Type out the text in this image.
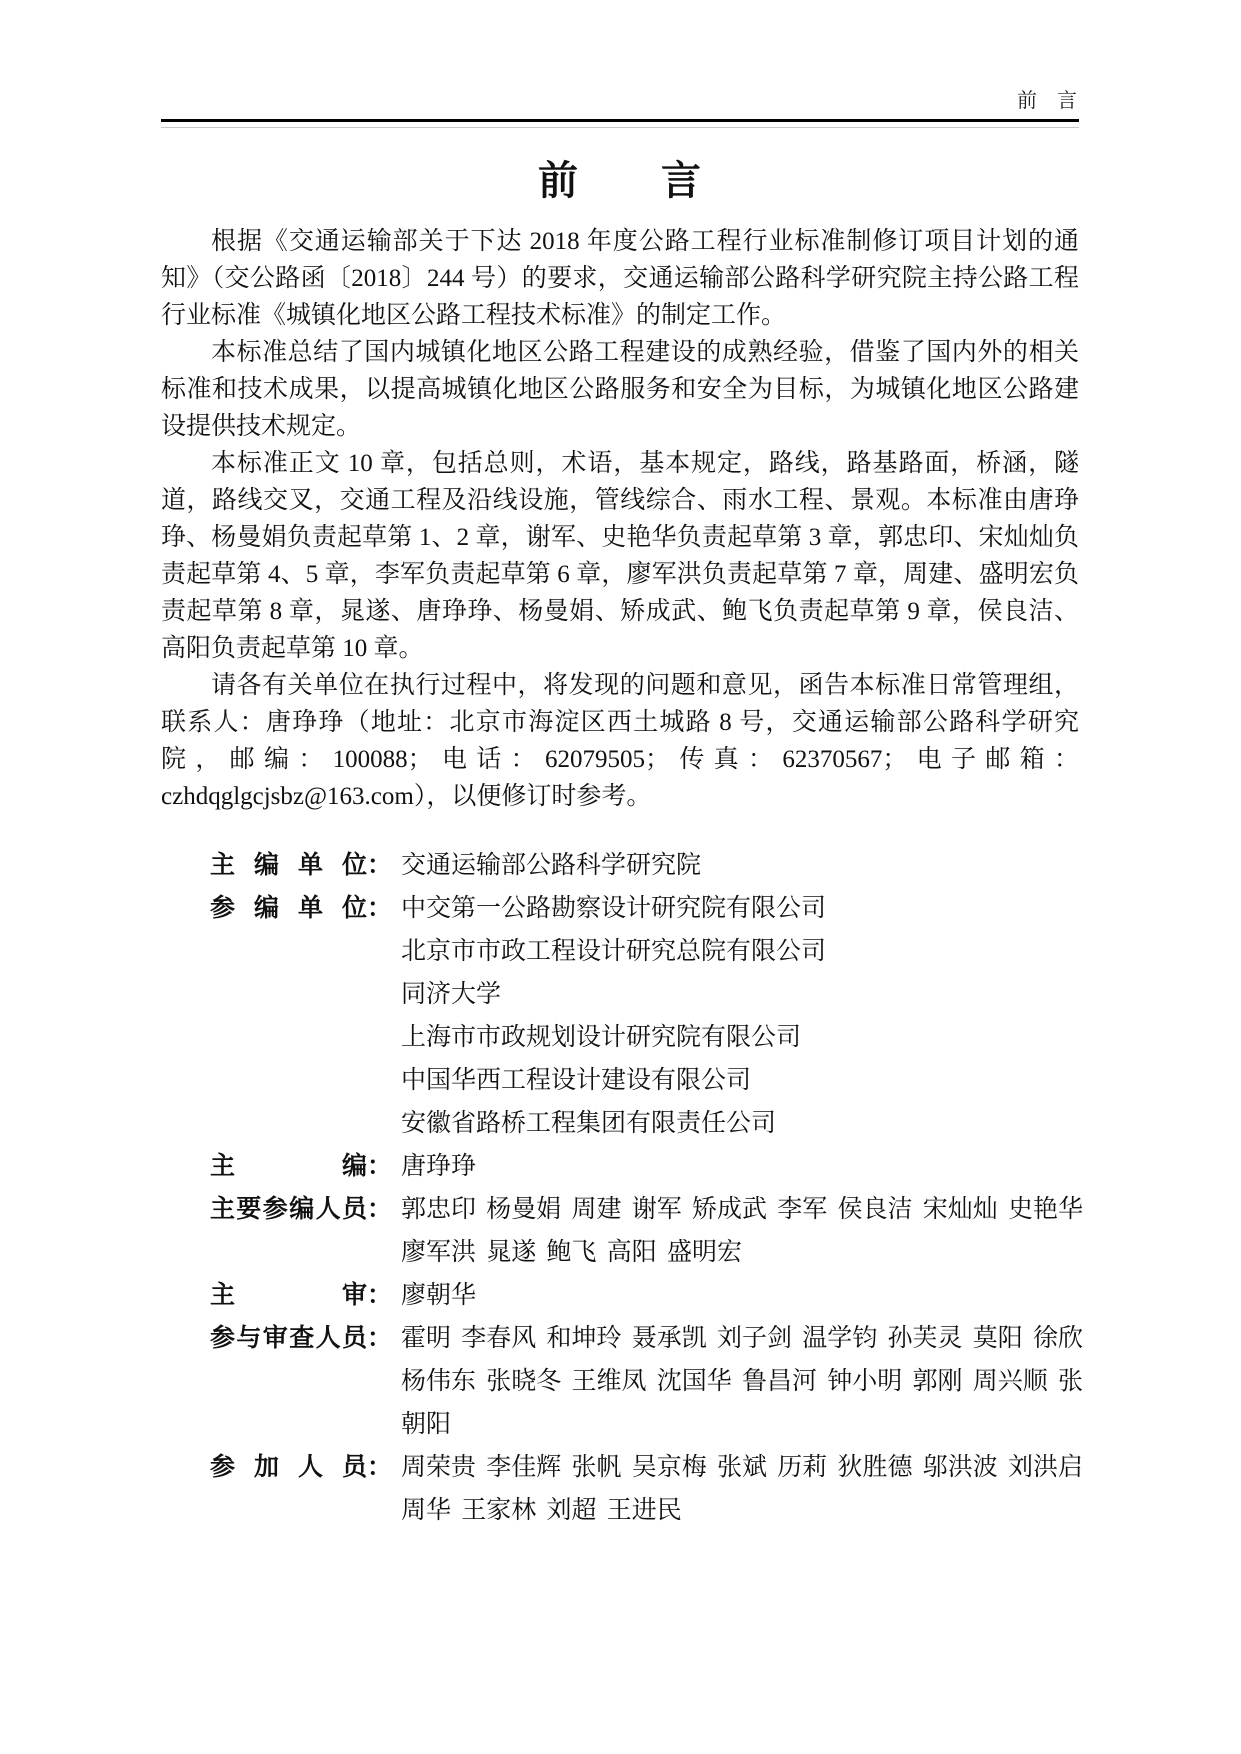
前　言
前　　言

根据《交通运输部关于下达 2018 年度公路工程行业标准制修订项目计划的通知》（交公路函〔2018〕244 号）的要求，交通运输部公路科学研究院主持公路工程行业标准《城镇化地区公路工程技术标准》的制定工作。

本标准总结了国内城镇化地区公路工程建设的成熟经验，借鉴了国内外的相关标准和技术成果，以提高城镇化地区公路服务和安全为目标，为城镇化地区公路建设提供技术规定。

本标准正文 10 章，包括总则，术语，基本规定，路线，路基路面，桥涵，隧道，路线交叉，交通工程及沿线设施，管线综合、雨水工程、景观。本标准由唐琤琤、杨曼娟负责起草第 1、2 章，谢军、史艳华负责起草第 3 章，郭忠印、宋灿灿负责起草第 4、5 章，李军负责起草第 6 章，廖军洪负责起草第 7 章，周建、盛明宏负责起草第 8 章，晁遂、唐琤琤、杨曼娟、矫成武、鲍飞负责起草第 9 章，侯良洁、高阳负责起草第 10 章。

请各有关单位在执行过程中，将发现的问题和意见，函告本标准日常管理组，联系人：唐琤琤（地址：北京市海淀区西土城路 8 号，交通运输部公路科学研究院，邮编：100088；电话：62079505；传真：62370567；电子邮箱：czhdqglgcjsbz@163.com），以便修订时参考。

主编单位 ： 交通运输部公路科学研究院
参编单位 ： 中交第一公路勘察设计研究院有限公司
北京市市政工程设计研究总院有限公司
同济大学
上海市市政规划设计研究院有限公司
中国华西工程设计建设有限公司
安徽省路桥工程集团有限责任公司
主编 ： 唐琤琤
主要参编人员 ： 郭忠印 杨曼娟 周建 谢军 矫成武 李军 侯良洁 宋灿灿 史艳华
廖军洪 晁遂 鲍飞 高阳 盛明宏
主审 ： 廖朝华
参与审查人员 ： 霍明 李春风 和坤玲 聂承凯 刘子剑 温学钧 孙芙灵 莫阳 徐欣
杨伟东 张晓冬 王维凤 沈国华 鲁昌河 钟小明 郭刚 周兴顺 张
朝阳
参加人员 ： 周荣贵 李佳辉 张帆 吴京梅 张斌 历莉 狄胜德 邬洪波 刘洪启
周华 王家林 刘超 王进民
